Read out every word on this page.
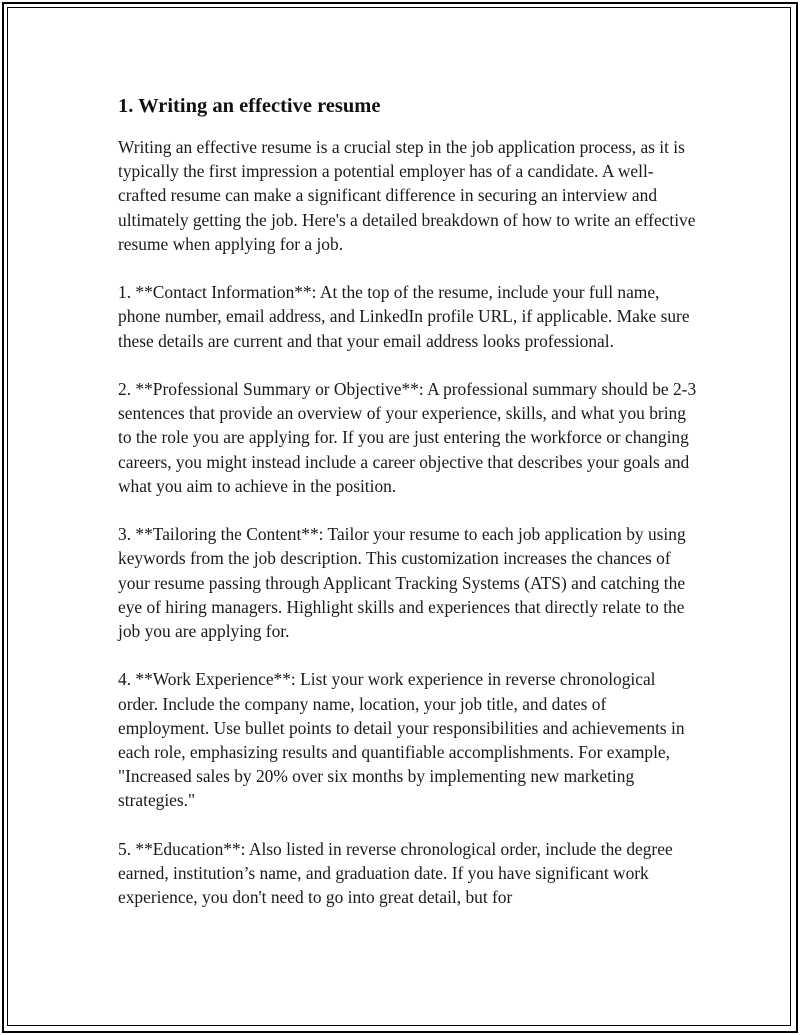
1. Writing an effective resume

Writing an effective resume is a crucial step in the job application process, as it is typically the first impression a potential employer has of a candidate. A well-crafted resume can make a significant difference in securing an interview and ultimately getting the job. Here's a detailed breakdown of how to write an effective resume when applying for a job.

1. **Contact Information**: At the top of the resume, include your full name, phone number, email address, and LinkedIn profile URL, if applicable. Make sure these details are current and that your email address looks professional.

2. **Professional Summary or Objective**: A professional summary should be 2-3 sentences that provide an overview of your experience, skills, and what you bring to the role you are applying for. If you are just entering the workforce or changing careers, you might instead include a career objective that describes your goals and what you aim to achieve in the position.

3. **Tailoring the Content**: Tailor your resume to each job application by using keywords from the job description. This customization increases the chances of your resume passing through Applicant Tracking Systems (ATS) and catching the eye of hiring managers. Highlight skills and experiences that directly relate to the job you are applying for.

4. **Work Experience**: List your work experience in reverse chronological order. Include the company name, location, your job title, and dates of employment. Use bullet points to detail your responsibilities and achievements in each role, emphasizing results and quantifiable accomplishments. For example, "Increased sales by 20% over six months by implementing new marketing strategies."

5. **Education**: Also listed in reverse chronological order, include the degree earned, institution’s name, and graduation date. If you have significant work experience, you don't need to go into great detail, but for
